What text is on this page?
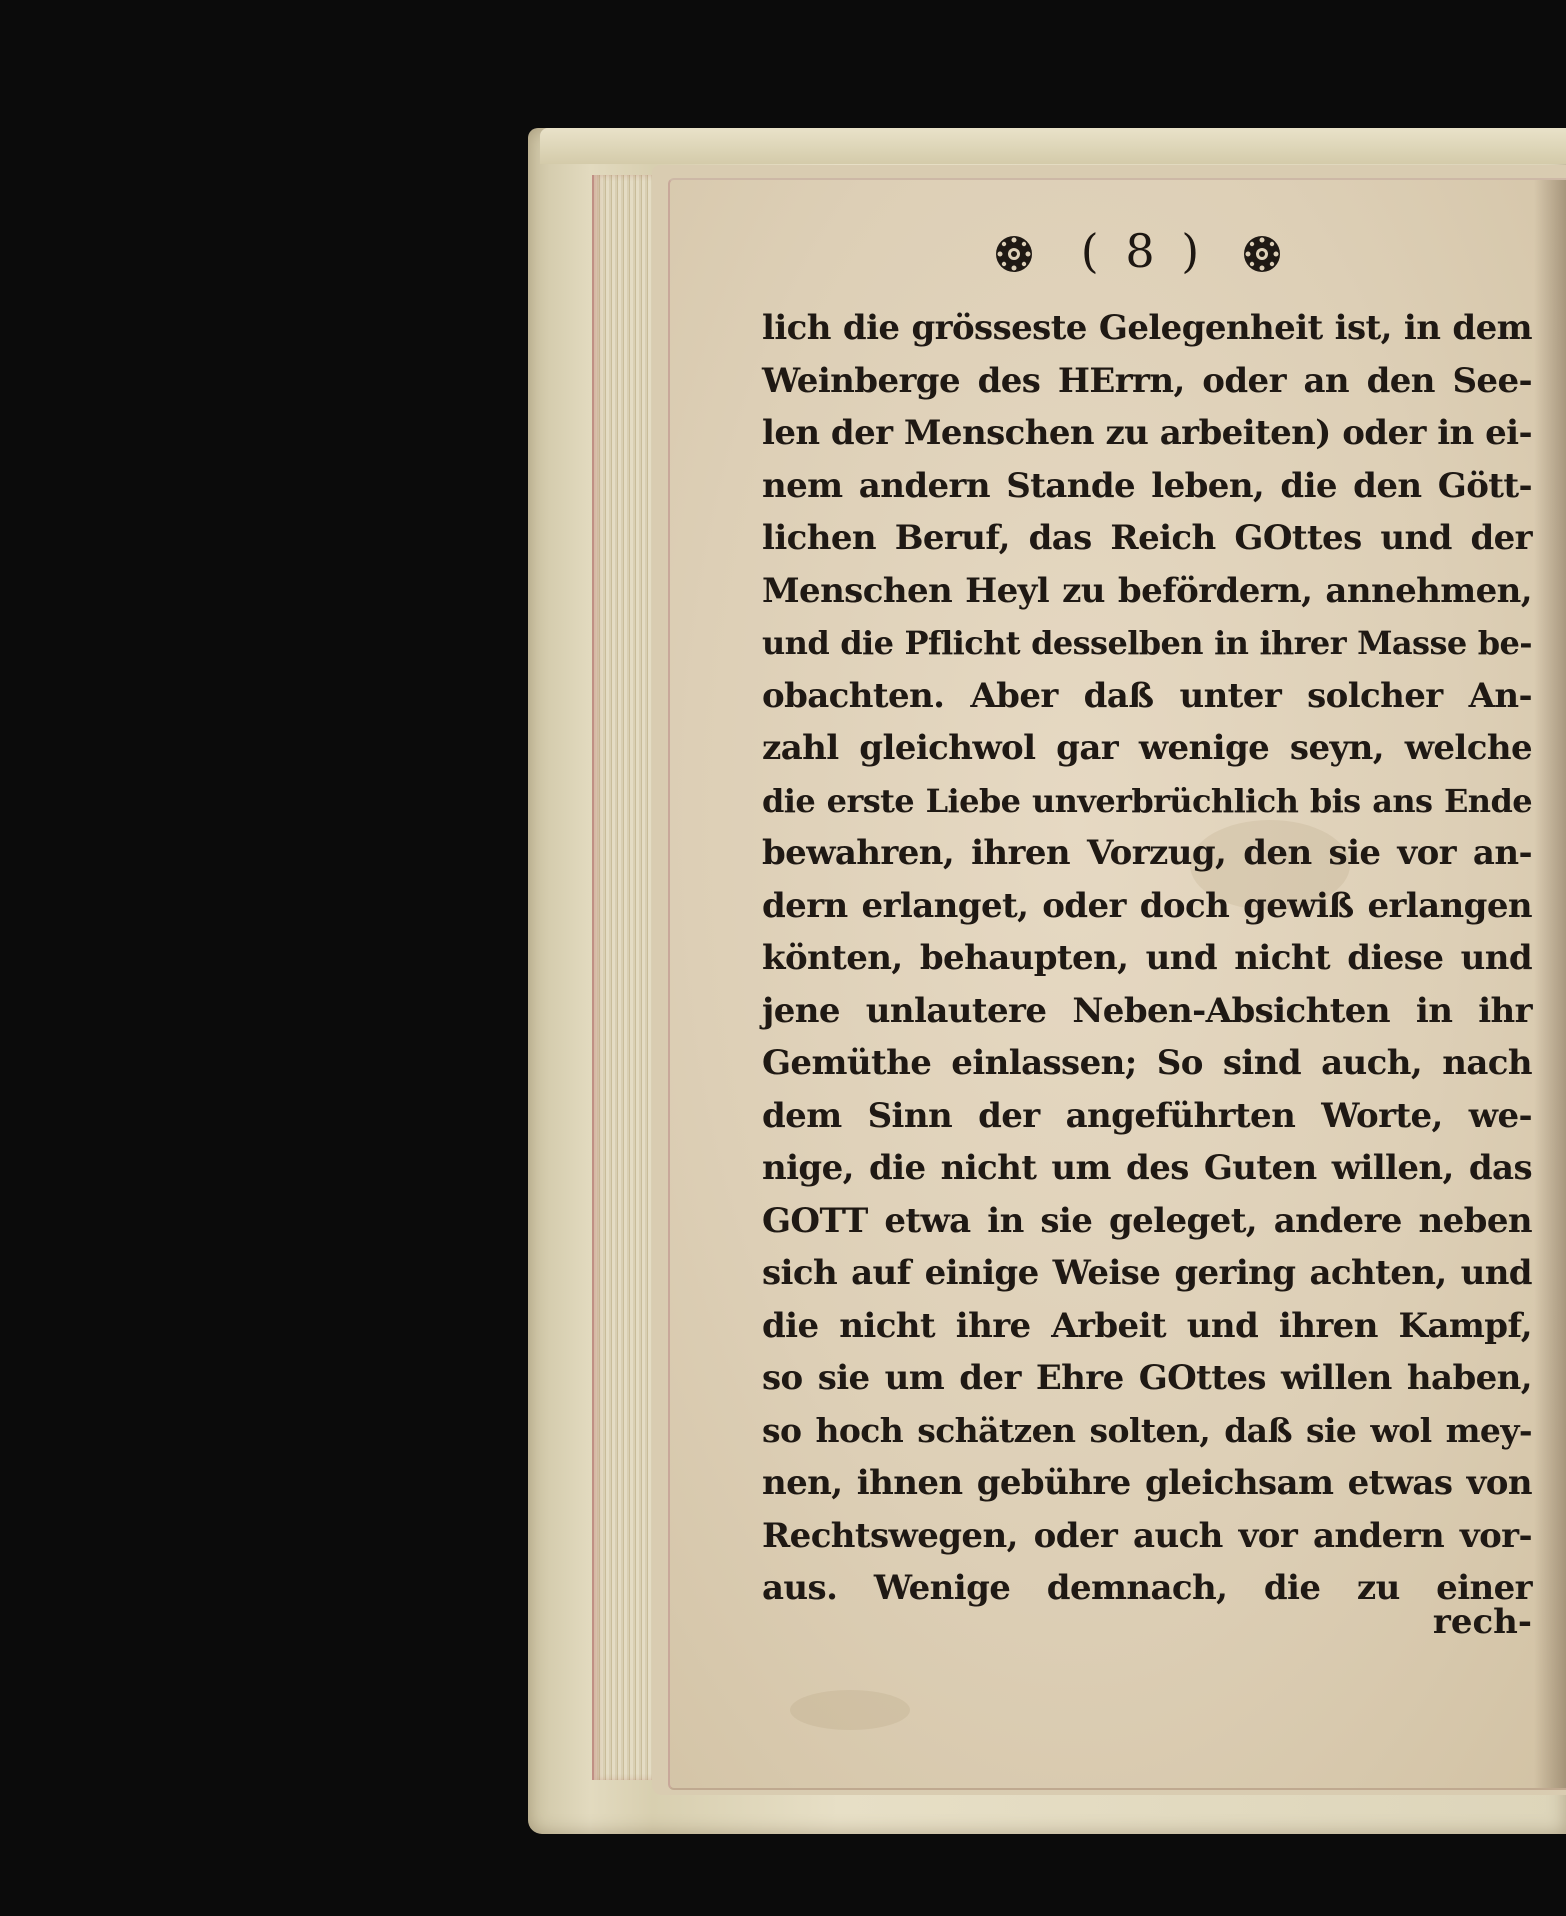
( 8 )
lich die grösseste Gelegenheit ist, in dem
Weinberge des HErrn, oder an den See-
len der Menschen zu arbeiten) oder in ei-
nem andern Stande leben, die den Gött-
lichen Beruf, das Reich GOttes und der
Menschen Heyl zu befördern, annehmen,
und die Pflicht desselben in ihrer Masse be-
obachten. Aber daß unter solcher An-
zahl gleichwol gar wenige seyn, welche
die erste Liebe unverbrüchlich bis ans Ende
bewahren, ihren Vorzug, den sie vor an-
dern erlanget, oder doch gewiß erlangen
könten, behaupten, und nicht diese und
jene unlautere Neben-Absichten in ihr
Gemüthe einlassen; So sind auch, nach
dem Sinn der angeführten Worte, we-
nige, die nicht um des Guten willen, das
GOTT etwa in sie geleget, andere neben
sich auf einige Weise gering achten, und
die nicht ihre Arbeit und ihren Kampf,
so sie um der Ehre GOttes willen haben,
so hoch schätzen solten, daß sie wol mey-
nen, ihnen gebühre gleichsam etwas von
Rechtswegen, oder auch vor andern vor-
aus. Wenige demnach, die zu einer
rech-
